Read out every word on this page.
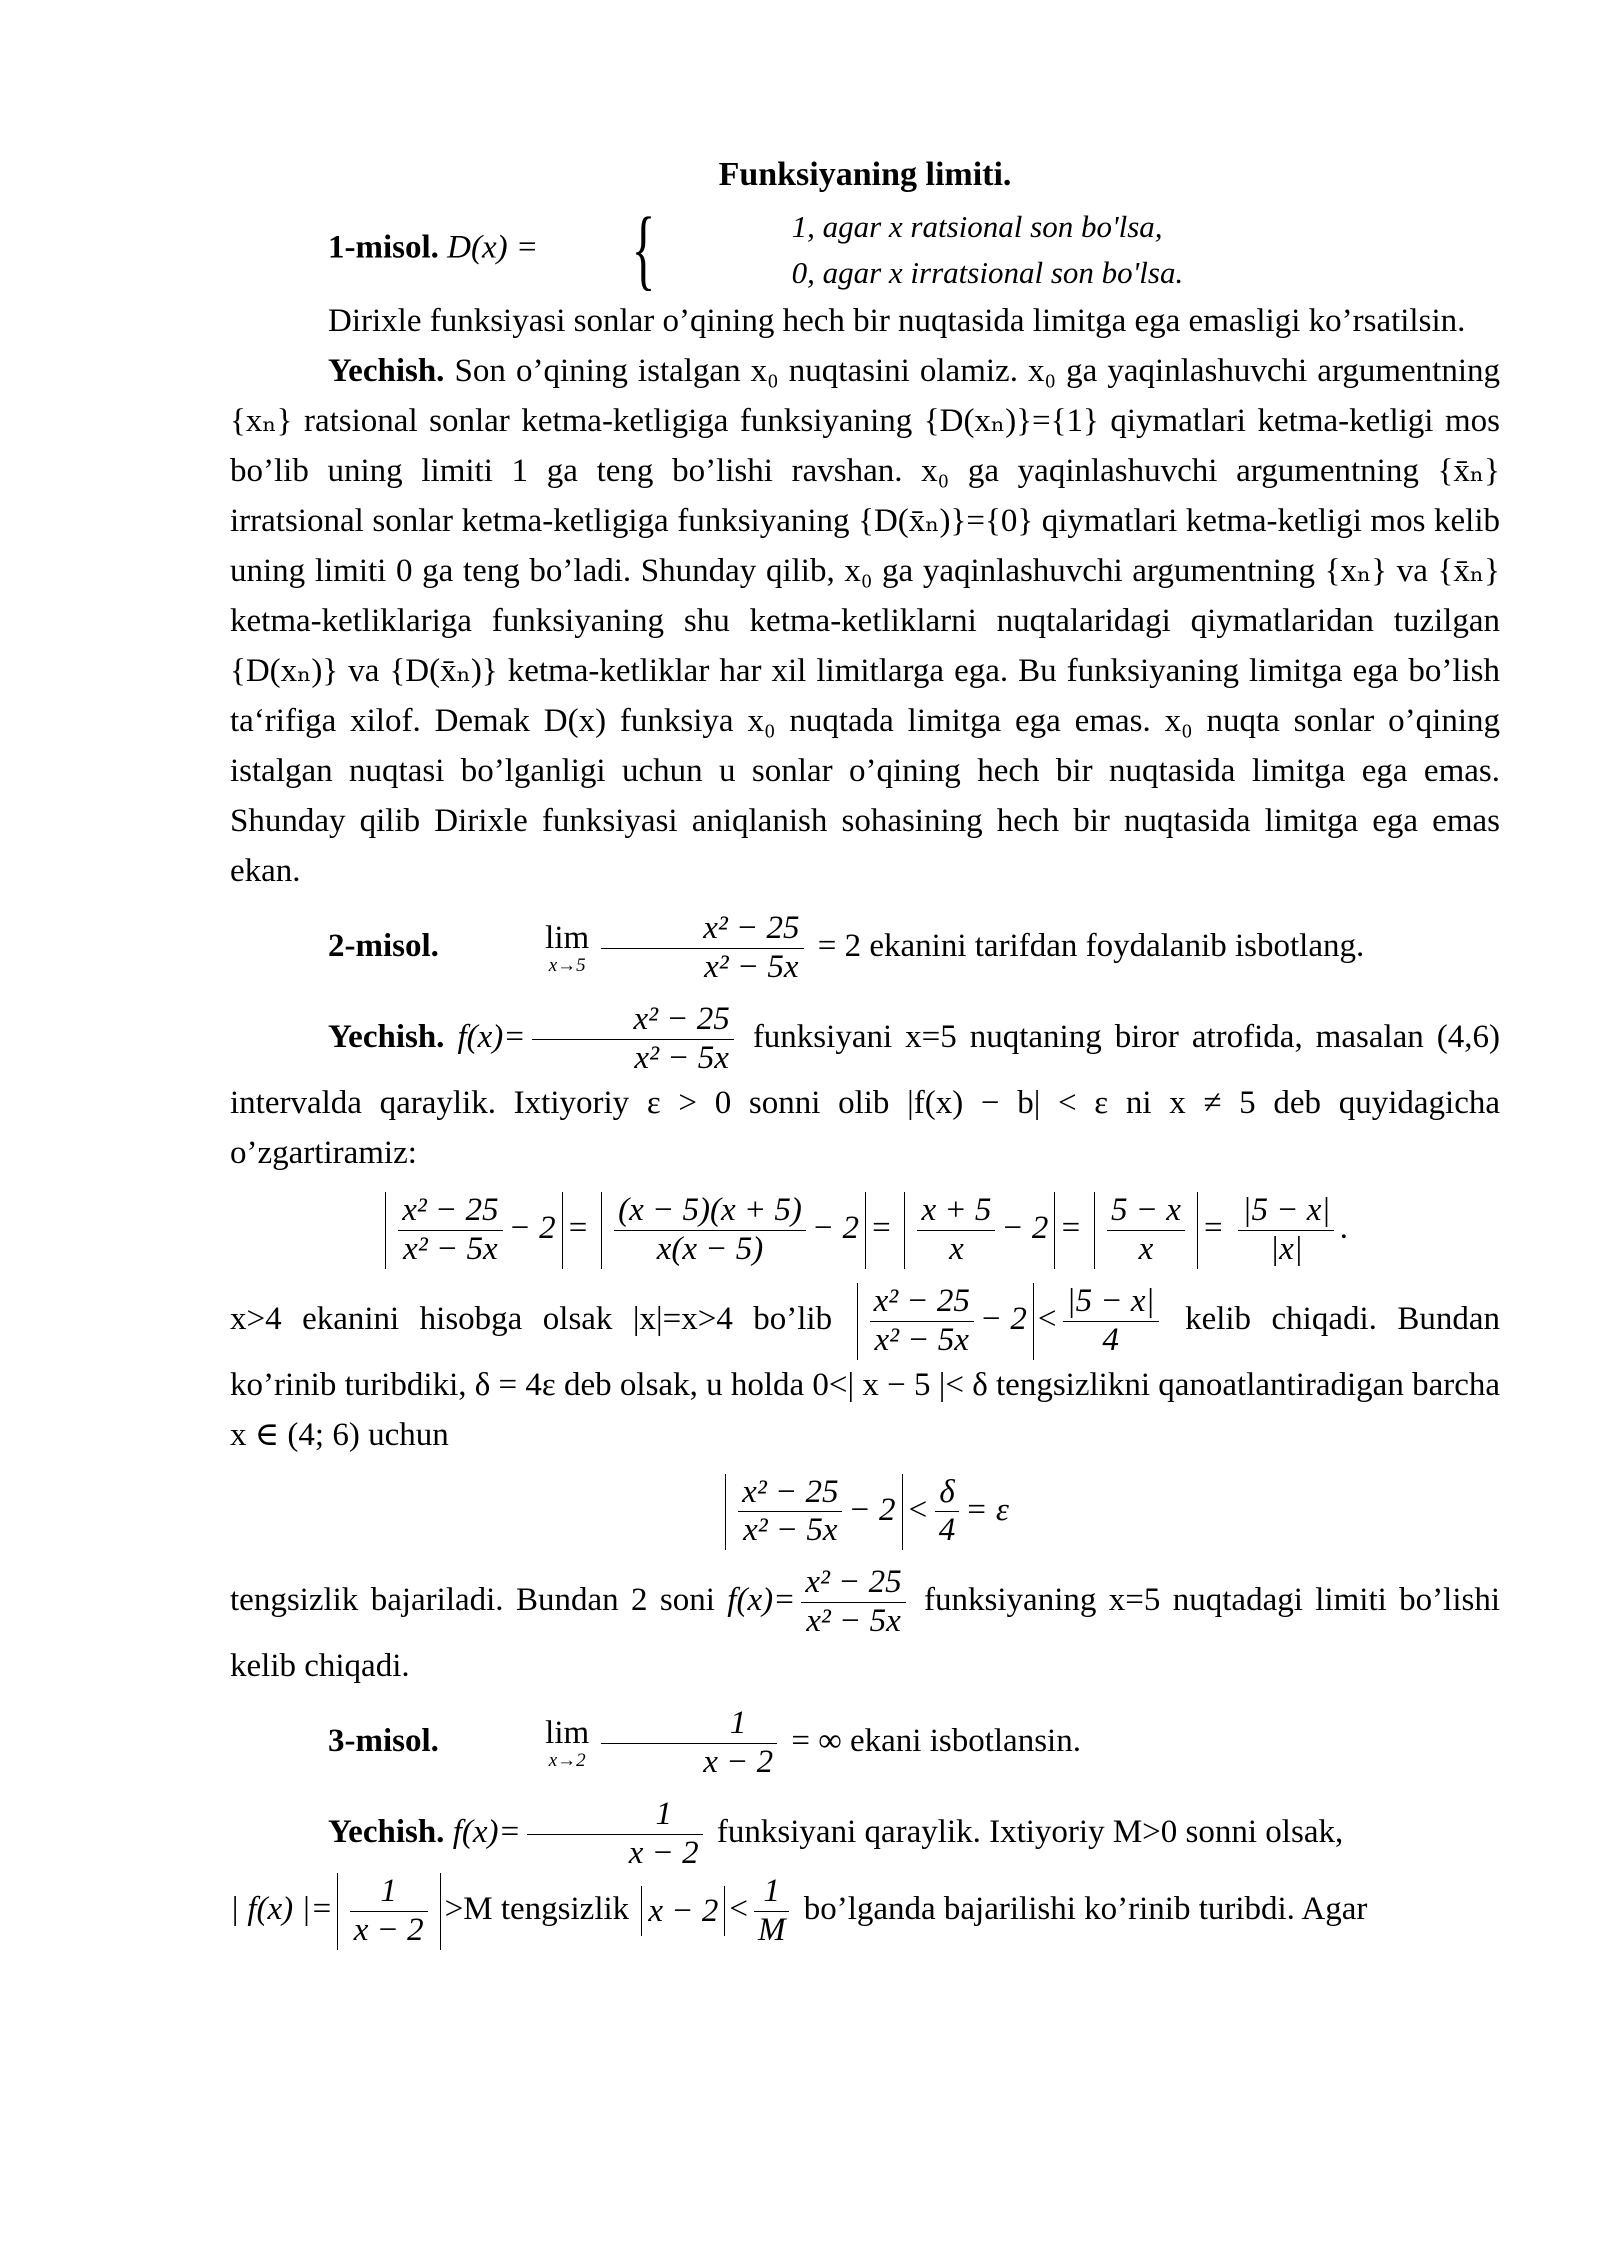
Funksiyaning limiti.

1-misol. D(x) =	{	1, agar x ratsional son bo'lsa,
0, agar x irratsional son bo'lsa.

Dirixle funksiyasi sonlar o’qining hech bir nuqtasida limitga ega emasligi ko’rsatilsin.

Yechish. Son o’qining istalgan x₀ nuqtasini olamiz. x₀ ga yaqinlashuvchi argumentning {xₙ} ratsional sonlar ketma-ketligiga funksiyaning {D(xₙ)}={1} qiymatlari ketma-ketligi mos bo’lib uning limiti 1 ga teng bo’lishi ravshan. x₀ ga yaqinlashuvchi argumentning {x̄ₙ} irratsional sonlar ketma-ketligiga funksiyaning {D(x̄ₙ)}={0} qiymatlari ketma-ketligi mos kelib uning limiti 0 ga teng bo’ladi. Shunday qilib, x₀ ga yaqinlashuvchi argumentning {xₙ} va {x̄ₙ} ketma-ketliklariga funksiyaning shu ketma-ketliklarni nuqtalaridagi qiymatlaridan tuzilgan {D(xₙ)} va {D(x̄ₙ)} ketma-ketliklar har xil limitlarga ega. Bu funksiyaning limitga ega bo’lish ta‘rifiga xilof. Demak D(x) funksiya x₀ nuqtada limitga ega emas. x₀ nuqta sonlar o’qining istalgan nuqtasi bo’lganligi uchun u sonlar o’qining hech bir nuqtasida limitga ega emas. Shunday qilib Dirixle funksiyasi aniqlanish sohasining hech bir nuqtasida limitga ega emas ekan.

2-misol.	lim
$x\to 5 \frac{\text{x² − 25}}{\text{x² − 5x}} = 2$ ekanini tarifdan foydalanib isbotlang.

Yechish. $f(x)= \frac{\text{x² − 25}}{\text{x² − 5x}}$ funksiyani x=5 nuqtaning biror atrofida, masalan (4,6) intervalda qaraylik. Ixtiyoriy ε > 0 sonni olib |f(x) − b| < ε ni x ≠ 5 deb quyidagicha o’zgartiramiz:

$\frac{\text{x² − 25}}{\text{x² − 5x}} - 2 = \frac{(x - 5)(x + 5)}{x(x - 5)} - 2 = \frac{x + 5}{x} - 2 = \frac{5 - x}{x} = \frac{|5 - x|}{|x|}$ .

x>4 ekanini hisobga olsak |x|=x>4 bo’lib $\frac{\text{x² − 25}}{\text{x² − 5x}} - 2 < \frac{|5 - x|}{4}$ kelib chiqadi. Bundan ko’rinib turibdiki, δ = 4ε deb olsak, u holda 0<| x − 5 |< δ tengsizlikni qanoatlantiradigan barcha x ∈ (4; 6) uchun

$\frac{\text{x² − 25}}{\text{x² − 5x}} - 2 < \frac{\delta}{4} = \varepsilon$

tengsizlik bajariladi. Bundan 2 soni $f(x)= \frac{\text{x² − 25}}{\text{x² − 5x}}$ funksiyaning x=5 nuqtadagi limiti bo’lishi kelib chiqadi.

3-misol.	lim
$x\to 2 \frac{1}{x - 2}$ = ∞ ekani isbotlansin.

Yechish. $f(x)= \frac{1}{x - 2}$ funksiyani qaraylik. Ixtiyoriy M>0 sonni olsak,

| f(x) |= $\frac{1}{x - 2} >M$ tengsizlik $x - 2 < \frac{1}{M}$ bo’lganda bajarilishi ko’rinib turibdi. Agar
